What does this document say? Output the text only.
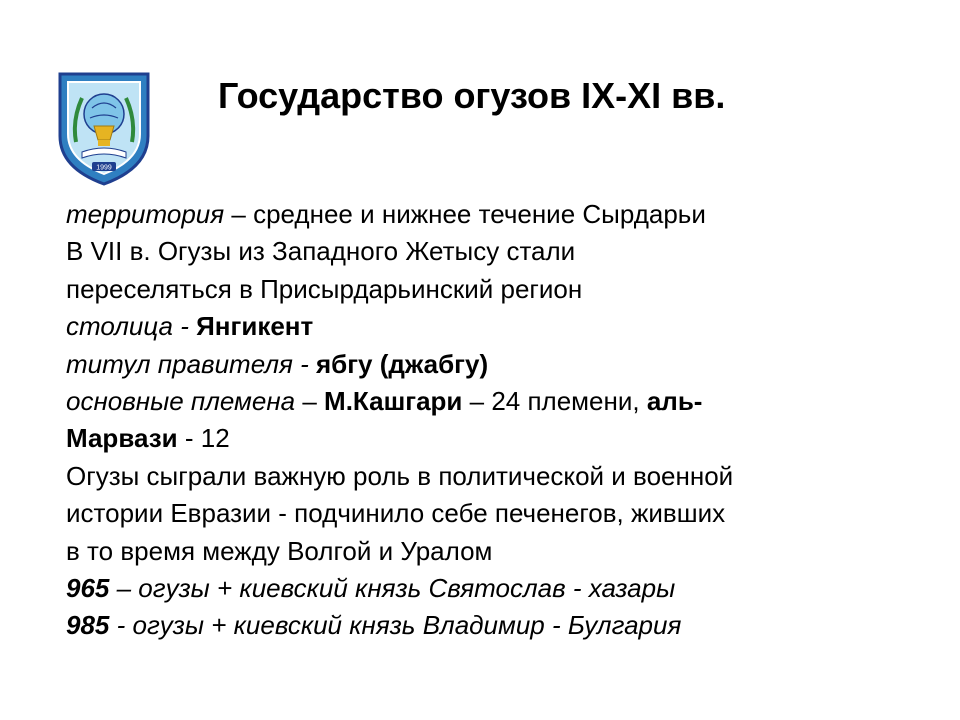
1999
Государство огузов IX-XI вв.
территория – среднее и нижнее течение Сырдарьи
В VII в. Огузы из Западного Жетысу стали
переселяться в Присырдарьинский регион
столица - Янгикент
титул правителя - ябгу (джабгу)
основные племена – М.Кашгари – 24 племени, аль-
Марвази - 12
Огузы сыграли важную роль в политической и военной
истории Евразии - подчинило себе печенегов, живших
в то время между Волгой и Уралом
965 – огузы + киевский князь Святослав - хазары
985 - огузы + киевский князь Владимир - Булгария
